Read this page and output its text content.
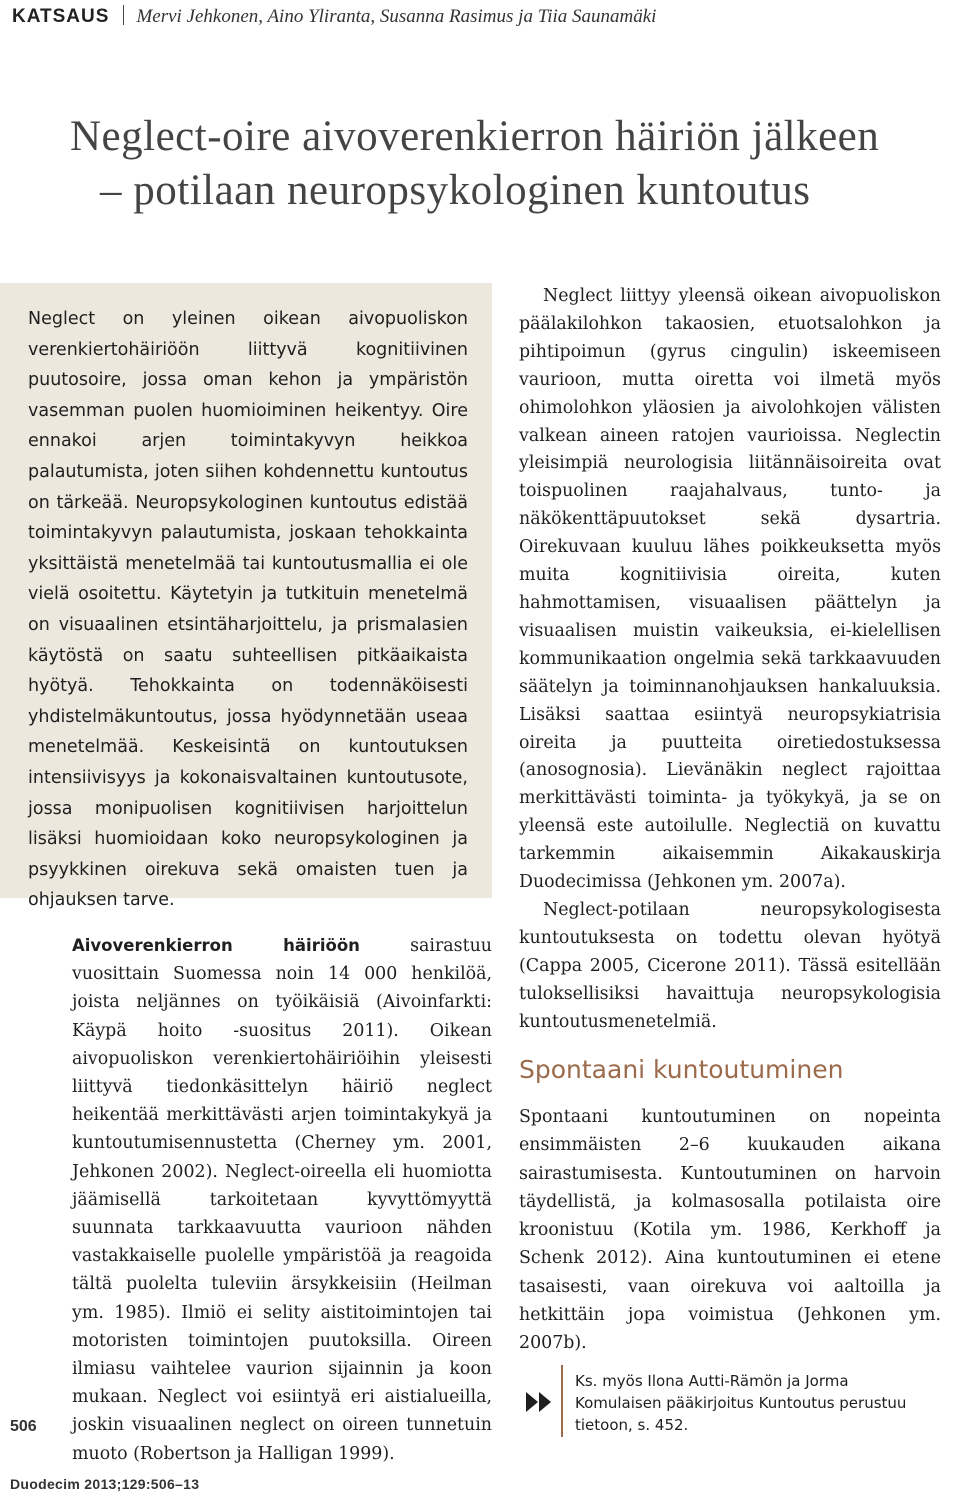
KATSAUS Mervi Jehkonen, Aino Yliranta, Susanna Rasimus ja Tiia Saunamäki
Neglect-oire aivoverenkierron häiriön jälkeen
– potilaan neuropsykologinen kuntoutus
Neglect on yleinen oikean aivopuoliskon verenkiertohäiriöön liittyvä kognitiivinen puutosoire, jossa oman kehon ja ympäristön vasemman puolen huomioiminen heikentyy. Oire ennakoi arjen toimintakyvyn heikkoa palautumista, joten siihen kohdennettu kuntoutus on tärkeää. Neuropsykologinen kuntoutus edistää toimintakyvyn palautumista, joskaan tehokkainta yksittäistä menetelmää tai kuntoutusmallia ei ole vielä osoitettu. Käytetyin ja tutkituin menetelmä on visuaalinen etsintäharjoittelu, ja prismalasien käytöstä on saatu suhteellisen pitkäaikaista hyötyä. Tehokkainta on todennäköisesti yhdistelmäkuntoutus, jossa hyödynnetään useaa menetelmää. Keskeisintä on kuntoutuksen intensiivisyys ja kokonaisvaltainen kuntoutusote, jossa monipuolisen kognitiivisen harjoittelun lisäksi huomioidaan koko neuropsykologinen ja psyykkinen oirekuva sekä omaisten tuen ja ohjauksen tarve.
Aivoverenkierron häiriöön sairastuu vuosittain Suomessa noin 14 000 henkilöä, joista neljännes on työikäisiä (Aivoinfarkti: Käypä hoito ‑suositus 2011). Oikean aivopuoliskon verenkiertohäiriöihin yleisesti liittyvä tiedonkäsittelyn häiriö neglect heikentää merkittävästi arjen toimintakykyä ja kuntoutumisennustetta (Cherney ym. 2001, Jehkonen 2002). Neglect-oireella eli huomiotta jäämisellä tarkoitetaan kyvyttömyyttä suunnata tarkkaavuutta vaurioon nähden vastakkaiselle puolelle ympäristöä ja reagoida tältä puolelta tuleviin ärsykkeisiin (Heilman ym. 1985). Ilmiö ei selity aistitoimintojen tai motoristen toimintojen puutoksilla. Oireen ilmiasu vaihtelee vaurion sijainnin ja koon mukaan. Neglect voi esiintyä eri aistialueilla, joskin visuaalinen neglect on oireen tunnetuin muoto (Robertson ja Halligan 1999).

Neglect liittyy yleensä oikean aivopuoliskon päälakilohkon takaosien, etuotsalohkon ja pihtipoimun (gyrus cingulin) iskeemiseen vaurioon, mutta oiretta voi ilmetä myös ohimolohkon yläosien ja aivolohkojen välisten valkean aineen ratojen vaurioissa. Neglectin yleisimpiä neurologisia liitännäisoireita ovat toispuolinen raajahalvaus, tunto- ja näkökenttäpuutokset sekä dysartria. Oirekuvaan kuuluu lähes poikkeuksetta myös muita kognitiivisia oireita, kuten hahmottamisen, visuaalisen päättelyn ja visuaalisen muistin vaikeuksia, ei-kielellisen kommunikaation ongelmia sekä tarkkaavuuden säätelyn ja toiminnanohjauksen hankaluuksia. Lisäksi saattaa esiintyä neuropsykiatrisia oireita ja puutteita oiretiedostuksessa (anosognosia). Lievänäkin neglect rajoittaa merkittävästi toiminta- ja työkykyä, ja se on yleensä este autoilulle. Neglectiä on kuvattu tarkemmin aikaisemmin Aikakauskirja Duodecimissa (Jehkonen ym. 2007a).

Neglect-potilaan neuropsykologisesta kuntoutuksesta on todettu olevan hyötyä (Cappa 2005, Cicerone 2011). Tässä esitellään tuloksellisiksi havaittuja neuropsykologisia kuntoutusmenetelmiä.

Spontaani kuntoutuminen
Spontaani kuntoutuminen on nopeinta ensimmäisten 2–6 kuukauden aikana sairastumisesta. Kuntoutuminen on harvoin täydellistä, ja kolmasosalla potilaista oire kroonistuu (Kotila ym. 1986, Kerkhoff ja Schenk 2012). Aina kuntoutuminen ei etene tasaisesti, vaan oirekuva voi aaltoilla ja hetkittäin jopa voimistua (Jehkonen ym. 2007b).
Ks. myös Ilona Autti-Rämön ja Jorma Komulaisen pääkirjoitus Kuntoutus perustuu tietoon, s. 452.
506
Duodecim 2013;129:506–13
